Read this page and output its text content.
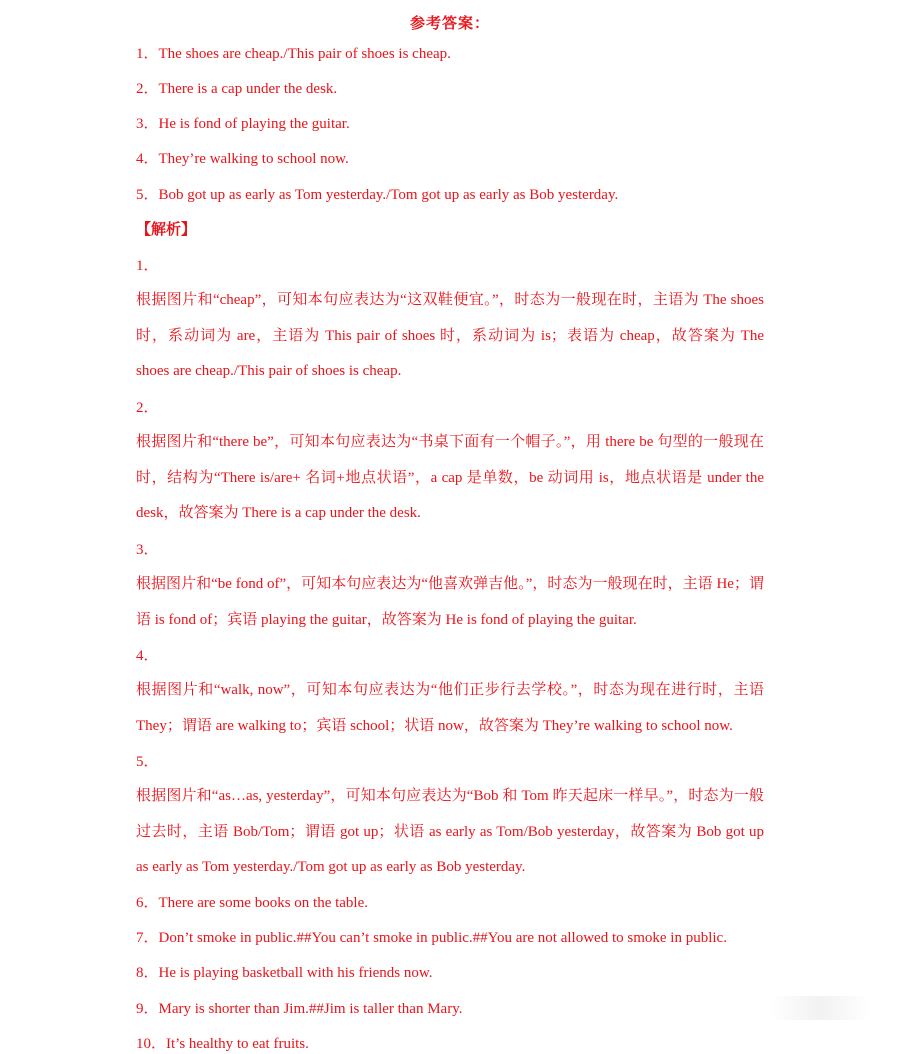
参考答案：
1．The shoes are cheap./This pair of shoes is cheap.
2．There is a cap under the desk.
3．He is fond of playing the guitar.
4．They’re walking to school now.
5．Bob got up as early as Tom yesterday./Tom got up as early as Bob yesterday.
【解析】
1．
根据图片和“cheap”，可知本句应表达为“这双鞋便宜。”，时态为一般现在时，主语为 The shoes 时，系动词为 are，主语为 This pair of shoes 时，系动词为 is；表语为 cheap，故答案为 The shoes are cheap./This pair of shoes is cheap.
2．
根据图片和“there be”，可知本句应表达为“书桌下面有一个帽子。”，用 there be 句型的一般现在时，结构为“There is/are+ 名词+地点状语”，a cap 是单数，be 动词用 is，地点状语是 under the desk，故答案为 There is a cap under the desk.
3．
根据图片和“be fond of”，可知本句应表达为“他喜欢弹吉他。”，时态为一般现在时，主语 He；谓语 is fond of；宾语 playing the guitar，故答案为 He is fond of playing the guitar.
4．
根据图片和“walk, now”，可知本句应表达为“他们正步行去学校。”，时态为现在进行时，主语 They；谓语 are walking to；宾语 school；状语 now，故答案为 They’re walking to school now.
5．
根据图片和“as…as, yesterday”，可知本句应表达为“Bob 和 Tom 昨天起床一样早。”，时态为一般过去时，主语 Bob/Tom；谓语 got up；状语 as early as Tom/Bob yesterday，故答案为 Bob got up as early as Tom yesterday./Tom got up as early as Bob yesterday.
6．There are some books on the table.
7．Don’t smoke in public.##You can’t smoke in public.##You are not allowed to smoke in public.
8．He is playing basketball with his friends now.
9．Mary is shorter than Jim.##Jim is taller than Mary.
10．It’s healthy to eat fruits.
